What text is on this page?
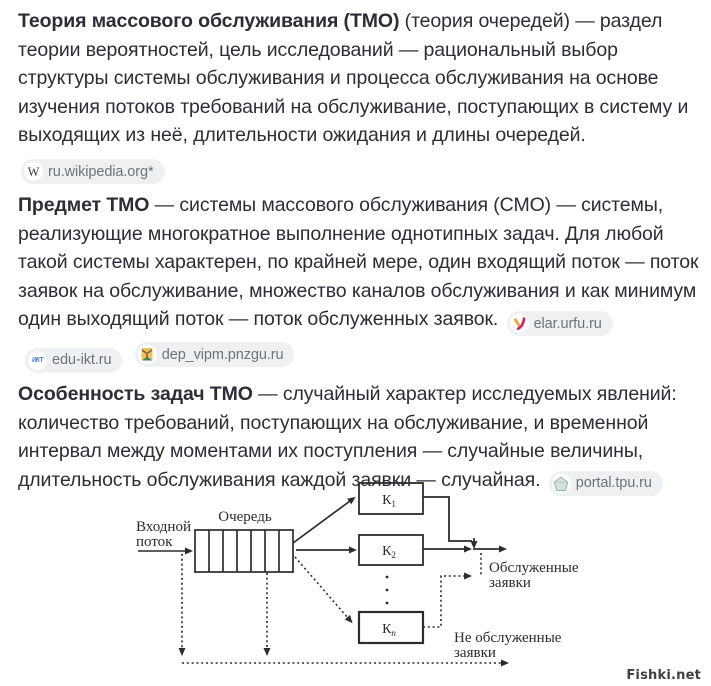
Теория массового обслуживания (ТМО) (теория очередей) — раздел теории вероятностей, цель исследований — рациональный выбор структуры системы обслуживания и процесса обслуживания на основе изучения потоков требований на обслуживание, поступающих в систему и выходящих из неё, длительности ожидания и длины очередей.
W ru.wikipedia.org*

Предмет ТМО — системы массового обслуживания (СМО) — системы, реализующие многократное выполнение однотипных задач. Для любой такой системы характерен, по крайней мере, один входящий поток — поток заявок на обслуживание, множество каналов обслуживания и как минимум один выходящий поток — поток обслуженных заявок. elar.urfu.ru

ИКТ edu-ikt.ru
	dep_vipm.pnzgu.ru

Особенность задач ТМО — случайный характер исследуемых явлений: количество требований, поступающих на обслуживание, и временной интервал между моментами их поступления — случайные величины, длительность обслуживания каждой заявки — случайная. portal.tpu.ru

Входной
поток
Очередь
$К_1$
$К_2$
$К_n$
Обслуженные
заявки
Не обслуженные
заявки
Fishki.net
